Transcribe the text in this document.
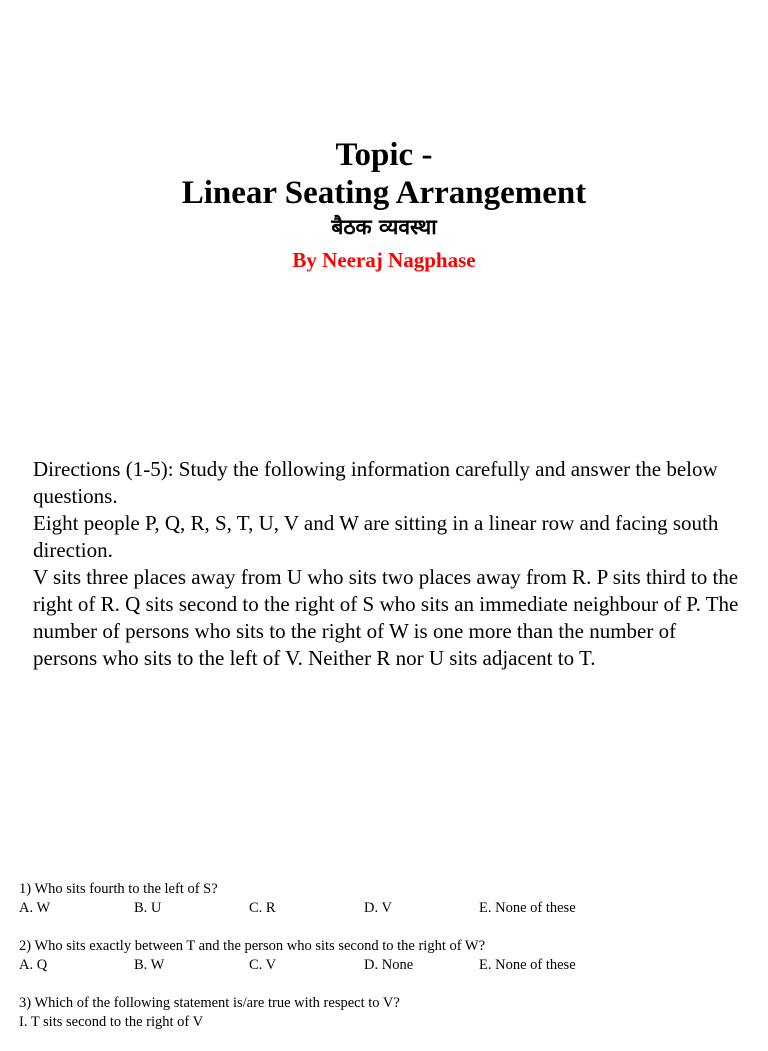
Topic -

Linear Seating Arrangement

बैठक व्यवस्था

By Neeraj Nagphase

Directions (1-5): Study the following information carefully and answer the below questions.

Eight people P, Q, R, S, T, U, V and W are sitting in a linear row and facing south direction.

V sits three places away from U who sits two places away from R. P sits third to the right of R. Q sits second to the right of S who sits an immediate neighbour of P. The number of persons who sits to the right of W is one more than the number of persons who sits to the left of V. Neither R nor U sits adjacent to T.

1) Who sits fourth to the left of S?
A. W	B. U	C. R	D. V	E. None of these
2) Who sits exactly between T and the person who sits second to the right of W?
A. Q	B. W	C. V	D. None	E. None of these
3) Which of the following statement is/are true with respect to V?
I. T sits second to the right of V
